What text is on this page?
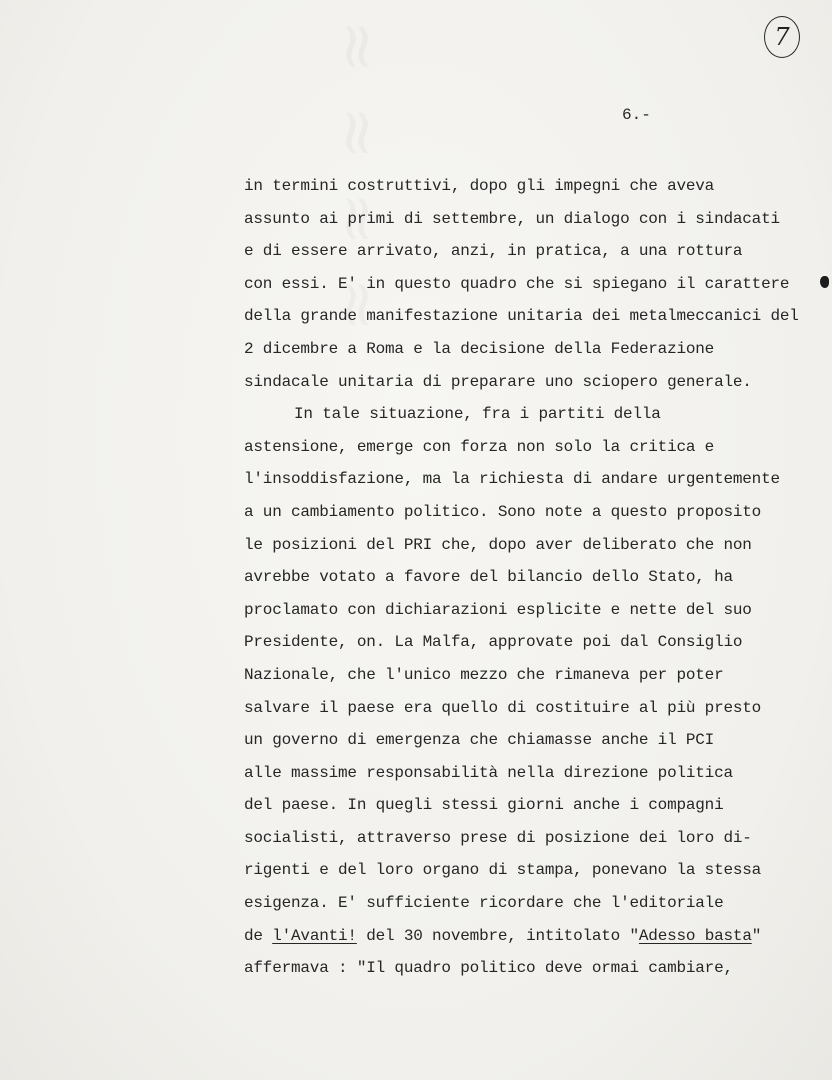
≈ ≈ ≈ ≈	7
6.-
in termini costruttivi, dopo gli impegni che aveva
assunto ai primi di settembre, un dialogo con i sindacati
e di essere arrivato, anzi, in pratica, a una rottura
con essi. E' in questo quadro che si spiegano il carattere
della grande manifestazione unitaria dei metalmeccanici del
2 dicembre a Roma e la decisione della Federazione
sindacale unitaria di preparare uno sciopero generale.
In tale situazione, fra i partiti della
astensione, emerge con forza non solo la critica e
l'insoddisfazione, ma la richiesta di andare urgentemente
a un cambiamento politico. Sono note a questo proposito
le posizioni del PRI che, dopo aver deliberato che non
avrebbe votato a favore del bilancio dello Stato, ha
proclamato con dichiarazioni esplicite e nette del suo
Presidente, on. La Malfa, approvate poi dal Consiglio
Nazionale, che l'unico mezzo che rimaneva per poter
salvare il paese era quello di costituire al più presto
un governo di emergenza che chiamasse anche il PCI
alle massime responsabilità nella direzione politica
del paese. In quegli stessi giorni anche i compagni
socialisti, attraverso prese di posizione dei loro di-
rigenti e del loro organo di stampa, ponevano la stessa
esigenza. E' sufficiente ricordare che l'editoriale
de l'Avanti! del 30 novembre, intitolato "Adesso basta"
affermava : "Il quadro politico deve ormai cambiare,
